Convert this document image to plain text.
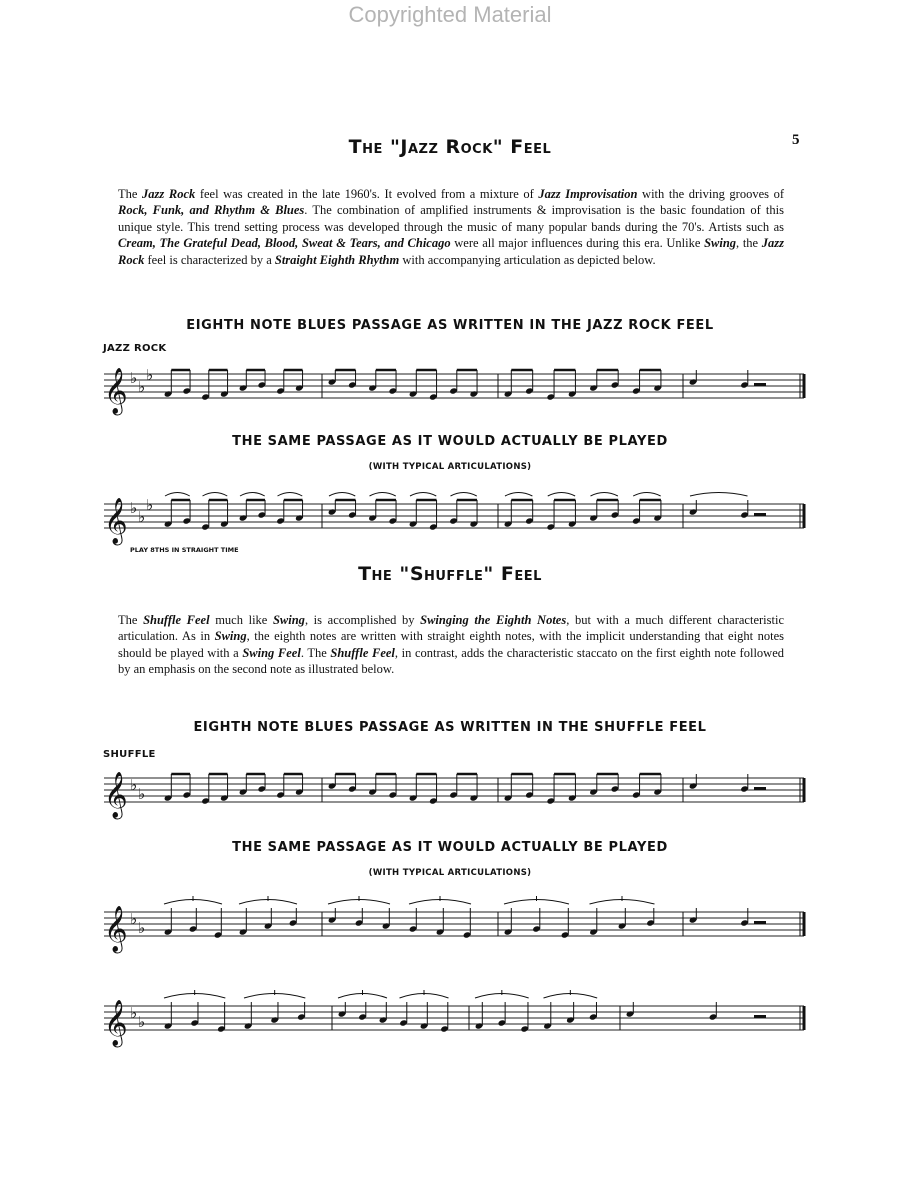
Copyrighted Material
5
The "Jazz Rock" Feel
The Jazz Rock feel was created in the late 1960's. It evolved from a mixture of Jazz Improvisation with the driving grooves of Rock, Funk, and Rhythm & Blues. The combination of amplified instruments & improvisation is the basic foundation of this unique style. This trend setting process was developed through the music of many popular bands during the 70's. Artists such as Cream, The Grateful Dead, Blood, Sweat & Tears, and Chicago were all major influences during this era. Unlike Swing, the Jazz Rock feel is characterized by a Straight Eighth Rhythm with accompanying articulation as depicted below.
EIGHTH NOTE BLUES PASSAGE AS WRITTEN IN THE JAZZ ROCK FEEL
JAZZ ROCK
𝄞 ♭ ♭
♭
THE SAME PASSAGE AS IT WOULD ACTUALLY BE PLAYED
(WITH TYPICAL ARTICULATIONS)
𝄞 ♭ ♭
♭
PLAY 8THS IN STRAIGHT TIME
The "Shuffle" Feel
The Shuffle Feel much like Swing, is accomplished by Swinging the Eighth Notes, but with a much different characteristic articulation. As in Swing, the eighth notes are written with straight eighth notes, with the implicit understanding that eight notes should be played with a Swing Feel. The Shuffle Feel, in contrast, adds the characteristic staccato on the first eighth note followed by an emphasis on the second note as illustrated below.
EIGHTH NOTE BLUES PASSAGE AS WRITTEN IN THE SHUFFLE FEEL
SHUFFLE
𝄞 ♭ ♭
THE SAME PASSAGE AS IT WOULD ACTUALLY BE PLAYED
(WITH TYPICAL ARTICULATIONS)
𝄞 ♭ ♭
𝄞 ♭ ♭
